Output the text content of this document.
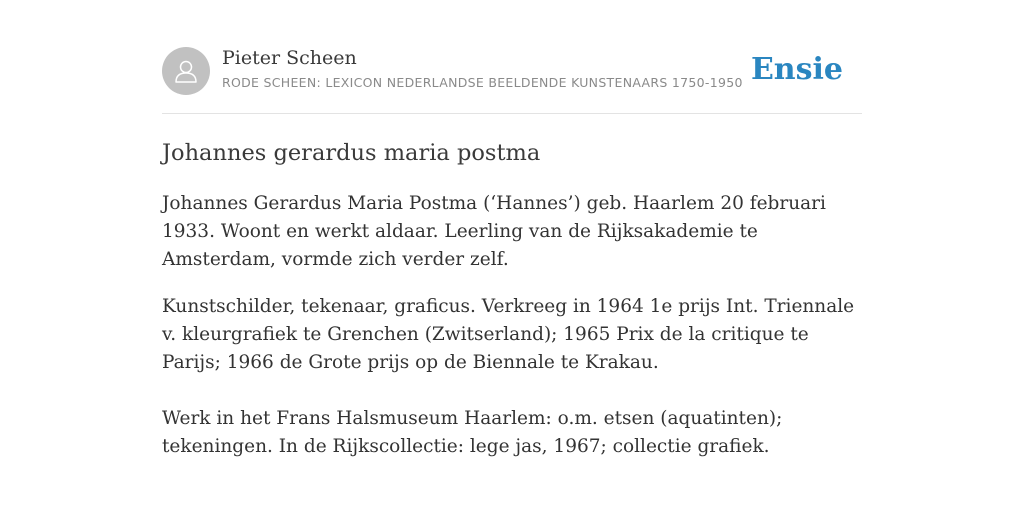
Pieter Scheen
RODE SCHEEN: LEXICON NEDERLANDSE BEELDENDE KUNSTENAARS 1750-1950 Ensie
Johannes gerardus maria postma

Johannes Gerardus Maria Postma (‘Hannes’) geb. Haarlem 20 februari 1933. Woont en werkt aldaar. Leerling van de Rijksakademie te Amsterdam, vormde zich verder zelf.

Kunstschilder, tekenaar, graficus. Verkreeg in 1964 1e prijs Int. Triennale v. kleurgrafiek te Grenchen (Zwitserland); 1965 Prix de la critique te Parijs; 1966 de Grote prijs op de Biennale te Krakau.

Werk in het Frans Halsmuseum Haarlem: o.m. etsen (aquatinten); tekeningen. In de Rijkscollectie: lege jas, 1967; collectie grafiek.
